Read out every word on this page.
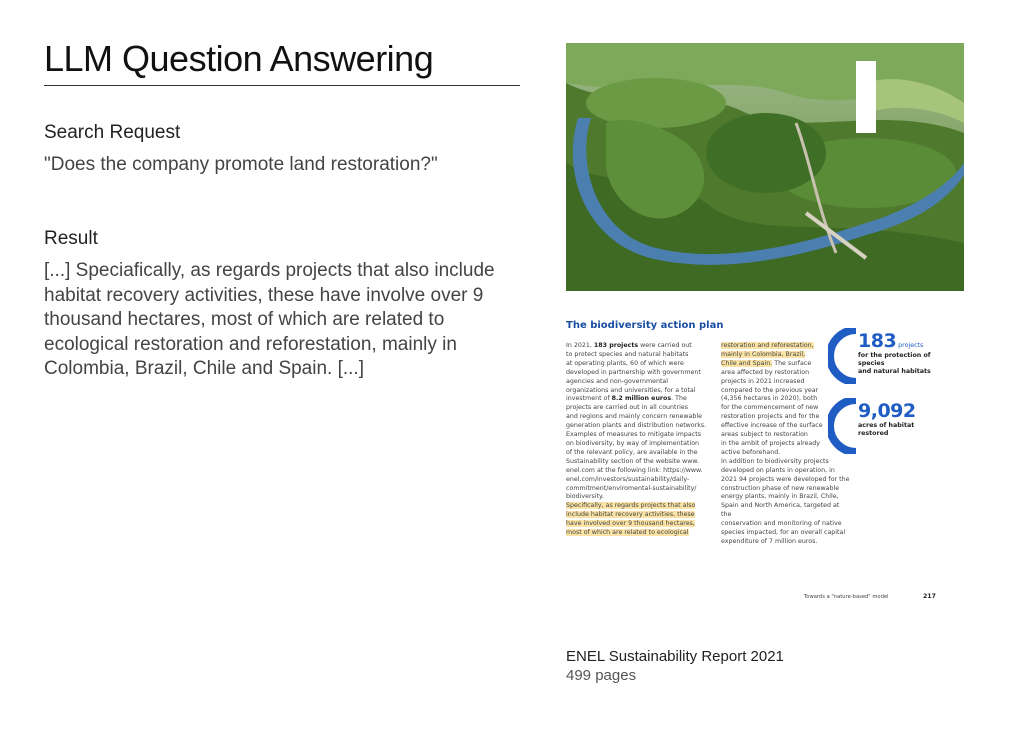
LLM Question Answering
Search Request
"Does the company promote land restoration?"
Result
[...] Speciafically, as regards projects that also include habitat recovery activities, these have involve over 9 thousand hectares, most of which are related to ecological restoration and reforestation, mainly in Colombia, Brazil, Chile and Spain. [...]
The biodiversity action plan
In 2021, 183 projects were carried out
to protect species and natural habitats
at operating plants, 60 of which were
developed in partnership with government
agencies and non-governmental
organizations and universities, for a total
investment of 8.2 million euros. The
projects are carried out in all countries
and regions and mainly concern renewable
generation plants and distribution networks.
Examples of measures to mitigate impacts
on biodiversity, by way of implementation
of the relevant policy, are available in the
Sustainability section of the website www.
enel.com at the following link: https://www.
enel.com/investors/sustainability/daily-
commitment/enviromental-sustainability/
biodiversity.
Specifically, as regards projects that also
include habitat recovery activities, these
have involved over 9 thousand hectares,
most of which are related to ecological
restoration and reforestation,
mainly in Colombia, Brazil,
Chile and Spain. The surface
area affected by restoration
projects in 2021 increased
compared to the previous year
(4,356 hectares in 2020), both
for the commencement of new
restoration projects and for the
effective increase of the surface
areas subject to restoration
in the ambit of projects already
active beforehand.
In addition to biodiversity projects
developed on plants in operation, in
2021 94 projects were developed for the
construction phase of new renewable
energy plants, mainly in Brazil, Chile,
Spain and North America, targeted at the
conservation and monitoring of native
species impacted, for an overall capital
expenditure of 7 million euros.
183 projects
for the protection of species
and natural habitats
9,092
acres of habitat
restored
Towards a "nature-based" model	217
ENEL Sustainability Report 2021
499 pages
